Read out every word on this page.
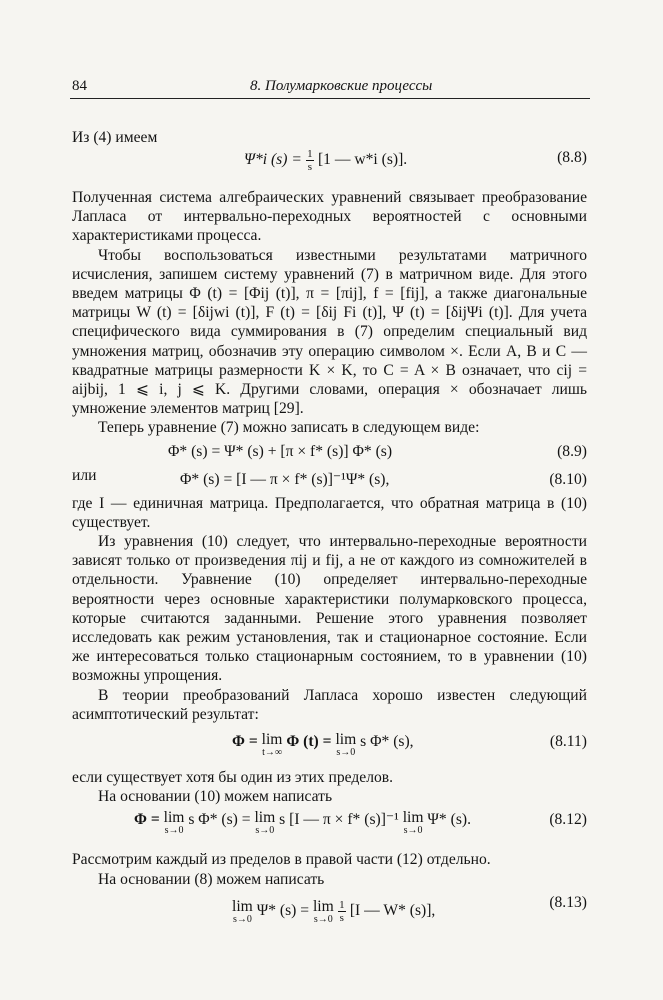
84	8. Полумарковские процессы
Из (4) имеем
Ψ*i $(s) = \frac{1}{s} [1$ — w*i (s)].	(8.8)

Полученная система алгебраических уравнений связывает преобразование Лапласа от интервально-переходных вероятностей с основными характеристиками процесса.

Чтобы воспользоваться известными результатами матричного исчисления, запишем систему уравнений (7) в матричном виде. Для этого введем матрицы Φ (t) = [Φij (t)], π = [πij], f = [fij], а также диагональные матрицы W (t) = [δijwi (t)], F (t) = [δij Fi (t)], Ψ (t) = [δijΨi (t)]. Для учета специфического вида суммирования в (7) определим специальный вид умножения матриц, обозначив эту операцию символом ×. Если A, B и C — квадратные матрицы размерности K × K, то C = A × B означает, что cij = aijbij, 1 ⩽ i, j ⩽ K. Другими словами, операция × обозначает лишь умножение элементов матриц [29].

Теперь уравнение (7) можно записать в следующем виде:

Φ* (s) = Ψ* (s) + [π × f* (s)] Φ* (s)	(8.9)
или	Φ* (s) = [I — π × f* (s)]⁻¹Ψ* (s),	(8.10)

где I — единичная матрица. Предполагается, что обратная матрица в (10) существует.

Из уравнения (10) следует, что интервально-переходные вероятности зависят только от произведения πij и fij, а не от каждого из сомножителей в отдельности. Уравнение (10) определяет интервально-переходные вероятности через основные характеристики полумарковского процесса, которые считаются заданными. Решение этого уравнения позволяет исследовать как режим установления, так и стационарное состояние. Если же интересоваться только стационарным состоянием, то в уравнении (10) возможны упрощения.

В теории преобразований Лапласа хорошо известен следующий асимптотический результат:

Φ = lim
t→∞
Φ (t) = lim
s→0
s Φ* (s),	(8.11)

если существует хотя бы один из этих пределов.

На основании (10) можем написать

Φ = lim
s→0
s Φ* (s) = lim
s→0
s [I — π × f* (s)]⁻¹ lim
s→0
Ψ* (s).	(8.12)

Рассмотрим каждый из пределов в правой части (12) отдельно.

На основании (8) можем написать

lim
s→0
Ψ* (s) = lim
s→0
$\frac{1}{s} [I$ — W* (s)],	(8.13)
